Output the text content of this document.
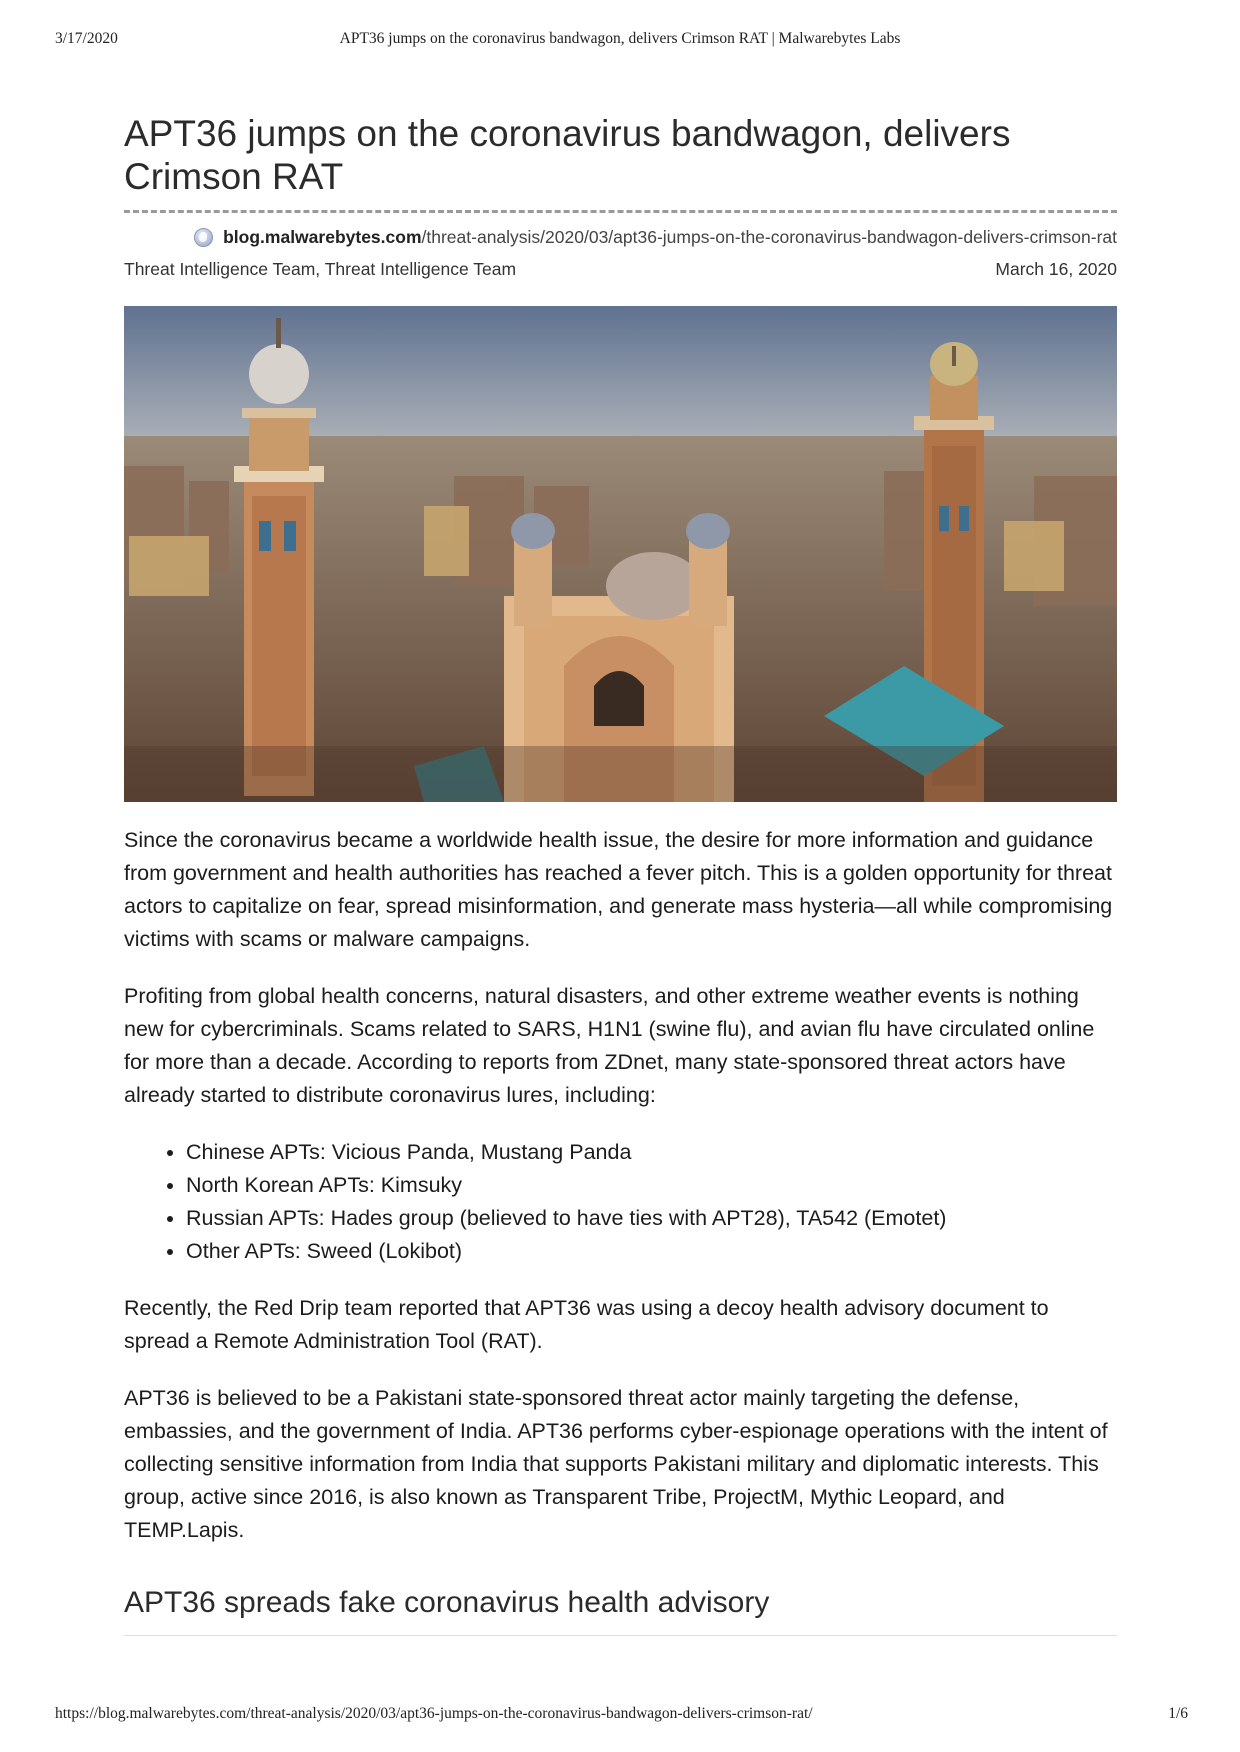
3/17/2020	APT36 jumps on the coronavirus bandwagon, delivers Crimson RAT | Malwarebytes Labs
APT36 jumps on the coronavirus bandwagon, delivers Crimson RAT
blog.malwarebytes.com /threat-analysis/2020/03/apt36-jumps-on-the-coronavirus-bandwagon-delivers-crimson-rat
Threat Intelligence Team, Threat Intelligence Team	March 16, 2020

Since the coronavirus became a worldwide health issue, the desire for more information and guidance from government and health authorities has reached a fever pitch. This is a golden opportunity for threat actors to capitalize on fear, spread misinformation, and generate mass hysteria—all while compromising victims with scams or malware campaigns.

Profiting from global health concerns, natural disasters, and other extreme weather events is nothing new for cybercriminals. Scams related to SARS, H1N1 (swine flu), and avian flu have circulated online for more than a decade. According to reports from ZDnet, many state-sponsored threat actors have already started to distribute coronavirus lures, including:

• Chinese APTs: Vicious Panda, Mustang Panda
• North Korean APTs: Kimsuky
• Russian APTs: Hades group (believed to have ties with APT28), TA542 (Emotet)
• Other APTs: Sweed (Lokibot)

Recently, the Red Drip team reported that APT36 was using a decoy health advisory document to spread a Remote Administration Tool (RAT).

APT36 is believed to be a Pakistani state-sponsored threat actor mainly targeting the defense, embassies, and the government of India. APT36 performs cyber-espionage operations with the intent of collecting sensitive information from India that supports Pakistani military and diplomatic interests. This group, active since 2016, is also known as Transparent Tribe, ProjectM, Mythic Leopard, and TEMP.Lapis.

APT36 spreads fake coronavirus health advisory
https://blog.malwarebytes.com/threat-analysis/2020/03/apt36-jumps-on-the-coronavirus-bandwagon-delivers-crimson-rat/	1/6
